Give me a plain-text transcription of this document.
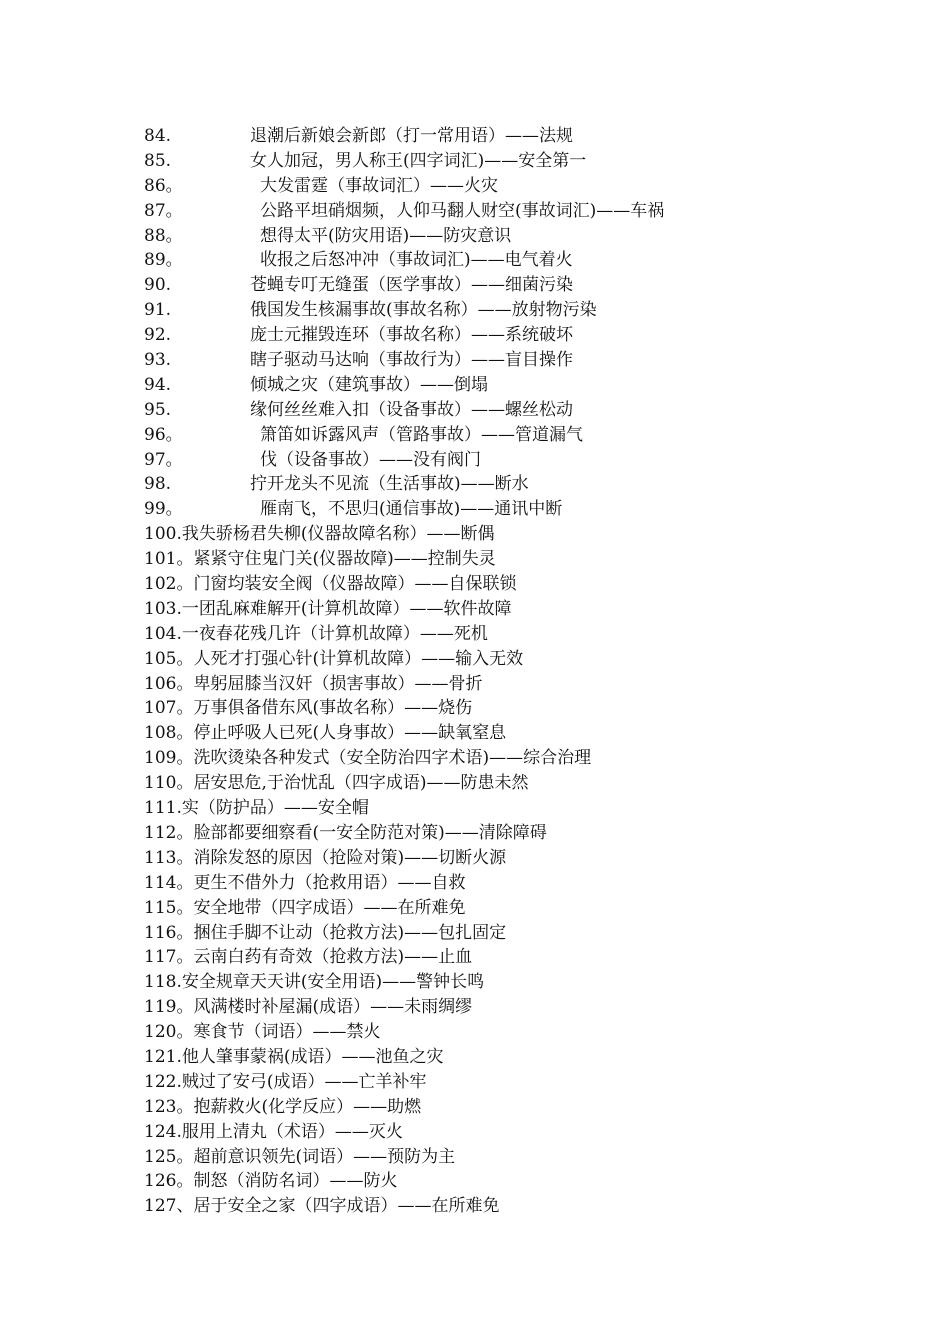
84.	退潮后新娘会新郎（打一常用语）——法规
85.	女人加冠，男人称王(四字词汇)——安全第一
86。	大发雷霆（事故词汇）——火灾
87。	公路平坦硝烟频，人仰马翻人财空(事故词汇)——车祸
88。	想得太平(防灾用语)——防灾意识
89。	收报之后怒冲冲（事故词汇)——电气着火
90.	苍蝇专叮无缝蛋（医学事故）——细菌污染
91.	俄国发生核漏事故(事故名称）——放射物污染
92.	庞士元摧毁连环（事故名称）——系统破坏
93.	瞎子驱动马达响（事故行为）——盲目操作
94.	倾城之灾（建筑事故）——倒塌
95.	缘何丝丝难入扣（设备事故）——螺丝松动
96。	箫笛如诉露风声（管路事故）——管道漏气
97。	伐（设备事故）——没有阀门
98.	拧开龙头不见流（生活事故)——断水
99。	雁南飞，不思归(通信事故)——通讯中断
100.我失骄杨君失柳(仪器故障名称）——断偶
101。紧紧守住鬼门关(仪器故障)——控制失灵
102。门窗均装安全阀（仪器故障）——自保联锁
103.一团乱麻难解开(计算机故障）——软件故障
104.一夜春花残几许（计算机故障）——死机
105。人死才打强心针(计算机故障）——输入无效
106。卑躬屈膝当汉奸（损害事故）——骨折
107。万事俱备借东风(事故名称）——烧伤
108。停止呼吸人已死(人身事故）——缺氧窒息
109。洗吹烫染各种发式（安全防治四字术语)——综合治理
110。居安思危,于治忧乱（四字成语)——防患未然
111.实（防护品）——安全帽
112。脸部都要细察看(一安全防范对策)——清除障碍
113。消除发怒的原因（抢险对策)——切断火源
114。更生不借外力（抢救用语）——自救
115。安全地带（四字成语）——在所难免
116。捆住手脚不让动（抢救方法)——包扎固定
117。云南白药有奇效（抢救方法)——止血
118.安全规章天天讲(安全用语)——警钟长鸣
119。风满楼时补屋漏(成语）——未雨绸缪
120。寒食节（词语）——禁火
121.他人肇事蒙祸(成语）——池鱼之灾
122.贼过了安弓(成语）——亡羊补牢
123。抱薪救火(化学反应）——助燃
124.服用上清丸（术语）——灭火
125。超前意识领先(词语）——预防为主
126。制怒（消防名词）——防火
127、居于安全之家（四字成语）——在所难免
